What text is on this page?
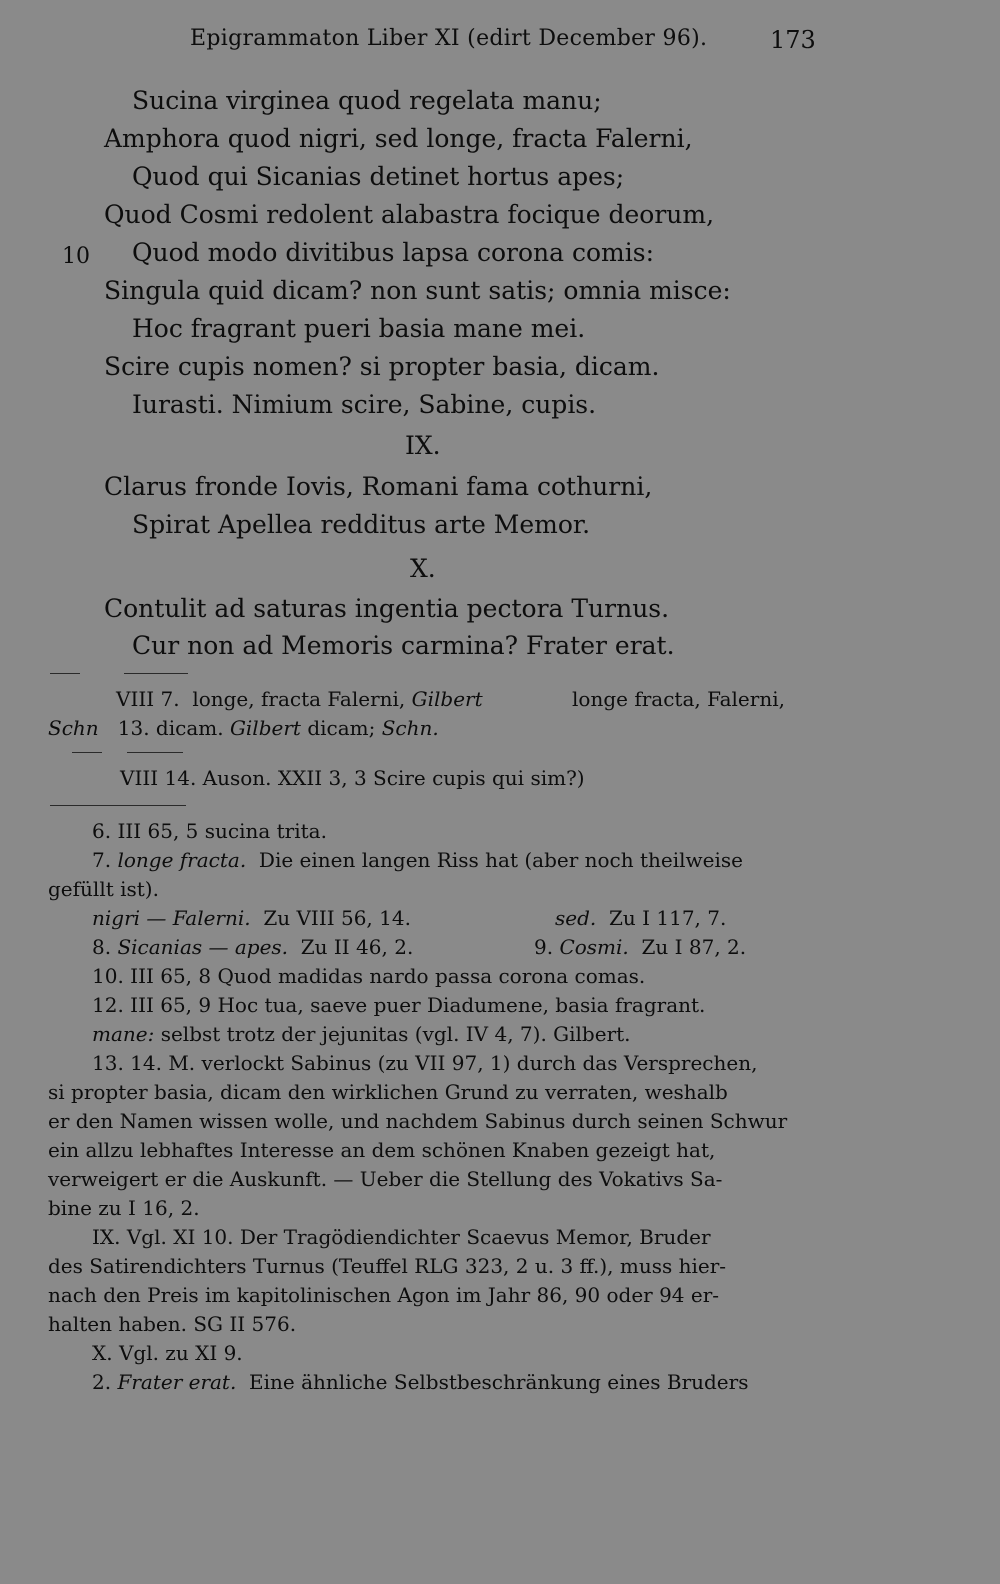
Epigrammaton Liber XI (edirt December 96).	173
Sucina virginea quod regelata manu;
Amphora quod nigri, sed longe, fracta Falerni,
Quod qui Sicanias detinet hortus apes;
Quod Cosmi redolent alabastra focique deorum,
10 Quod modo divitibus lapsa corona comis:
Singula quid dicam? non sunt satis; omnia misce:
Hoc fragrant pueri basia mane mei.
Scire cupis nomen? si propter basia, dicam.
Iurasti. Nimium scire, Sabine, cupis.
IX.
Clarus fronde Iovis, Romani fama cothurni,
Spirat Apellea redditus arte Memor.
X.
Contulit ad saturas ingentia pectora Turnus.
Cur non ad Memoris carmina? Frater erat.
VIII 7. longe, fracta Falerni, Gilbert	longe fracta, Falerni,
Schn 13. dicam. Gilbert dicam; Schn.
VIII 14. Auson. XXII 3, 3 Scire cupis qui sim?)
6. III 65, 5 sucina trita.
7. longe fracta. Die einen langen Riss hat (aber noch theilweise
gefüllt ist).
nigri — Falerni. Zu VIII 56, 14.	sed. Zu I 117, 7.
8. Sicanias — apes. Zu II 46, 2.	9. Cosmi. Zu I 87, 2.
10. III 65, 8 Quod madidas nardo passa corona comas.
12. III 65, 9 Hoc tua, saeve puer Diadumene, basia fragrant.
mane: selbst trotz der jejunitas (vgl. IV 4, 7). Gilbert.
13. 14. M. verlockt Sabinus (zu VII 97, 1) durch das Versprechen,
si propter basia, dicam den wirklichen Grund zu verraten, weshalb
er den Namen wissen wolle, und nachdem Sabinus durch seinen Schwur
ein allzu lebhaftes Interesse an dem schönen Knaben gezeigt hat,
verweigert er die Auskunft. — Ueber die Stellung des Vokativs Sa-
bine zu I 16, 2.
IX. Vgl. XI 10. Der Tragödiendichter Scaevus Memor, Bruder
des Satirendichters Turnus (Teuffel RLG 323, 2 u. 3 ff.), muss hier-
nach den Preis im kapitolinischen Agon im Jahr 86, 90 oder 94 er-
halten haben. SG II 576.
X. Vgl. zu XI 9.
2. Frater erat. Eine ähnliche Selbstbeschränkung eines Bruders
